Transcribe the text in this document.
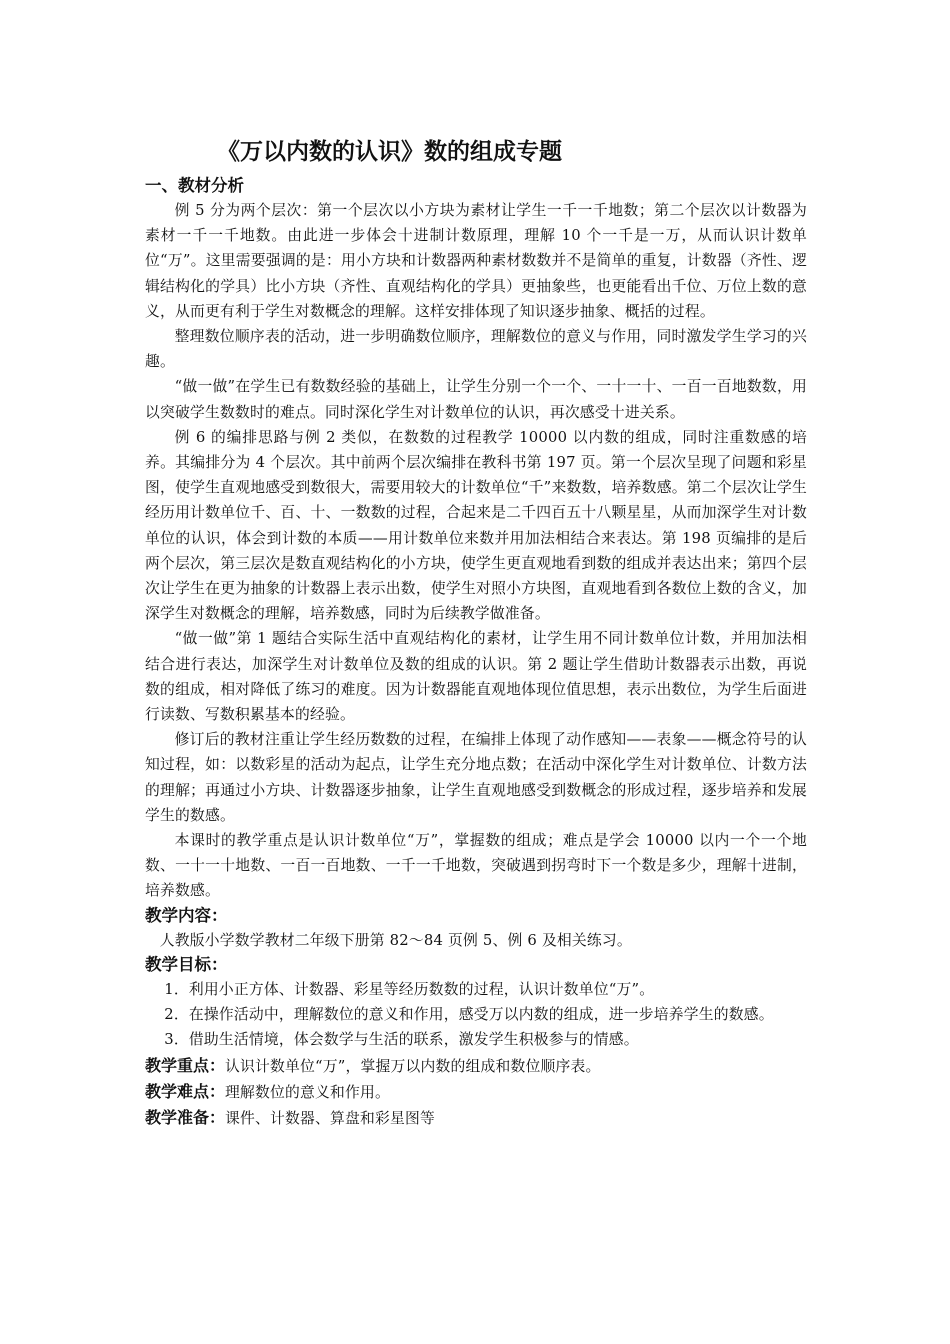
《万以内数的认识》数的组成专题
一、教材分析

例 5 分为两个层次：第一个层次以小方块为素材让学生一千一千地数；第二个层次以计数器为素材一千一千地数。由此进一步体会十进制计数原理，理解 10 个一千是一万，从而认识计数单位“万”。这里需要强调的是：用小方块和计数器两种素材数数并不是简单的重复，计数器（齐性、逻辑结构化的学具）比小方块（齐性、直观结构化的学具）更抽象些，也更能看出千位、万位上数的意义，从而更有利于学生对数概念的理解。这样安排体现了知识逐步抽象、概括的过程。

整理数位顺序表的活动，进一步明确数位顺序，理解数位的意义与作用，同时激发学生学习的兴趣。

“做一做”在学生已有数数经验的基础上，让学生分别一个一个、一十一十、一百一百地数数，用以突破学生数数时的难点。同时深化学生对计数单位的认识，再次感受十进关系。

例 6 的编排思路与例 2 类似，在数数的过程教学 10000 以内数的组成，同时注重数感的培养。其编排分为 4 个层次。其中前两个层次编排在教科书第 197 页。第一个层次呈现了问题和彩星图，使学生直观地感受到数很大，需要用较大的计数单位“千”来数数，培养数感。第二个层次让学生经历用计数单位千、百、十、一数数的过程，合起来是二千四百五十八颗星星，从而加深学生对计数单位的认识，体会到计数的本质——用计数单位来数并用加法相结合来表达。第 198 页编排的是后两个层次，第三层次是数直观结构化的小方块，使学生更直观地看到数的组成并表达出来；第四个层次让学生在更为抽象的计数器上表示出数，使学生对照小方块图，直观地看到各数位上数的含义，加深学生对数概念的理解，培养数感，同时为后续教学做准备。

“做一做”第 1 题结合实际生活中直观结构化的素材，让学生用不同计数单位计数，并用加法相结合进行表达，加深学生对计数单位及数的组成的认识。第 2 题让学生借助计数器表示出数，再说数的组成，相对降低了练习的难度。因为计数器能直观地体现位值思想，表示出数位，为学生后面进行读数、写数积累基本的经验。

修订后的教材注重让学生经历数数的过程，在编排上体现了动作感知——表象——概念符号的认知过程，如：以数彩星的活动为起点，让学生充分地点数；在活动中深化学生对计数单位、计数方法的理解；再通过小方块、计数器逐步抽象，让学生直观地感受到数概念的形成过程，逐步培养和发展学生的数感。

本课时的教学重点是认识计数单位“万”，掌握数的组成；难点是学会 10000 以内一个一个地数、一十一十地数、一百一百地数、一千一千地数，突破遇到拐弯时下一个数是多少，理解十进制，培养数感。

教学内容：

人教版小学数学教材二年级下册第 82～84 页例 5、例 6 及相关练习。

教学目标：

1．利用小正方体、计数器、彩星等经历数数的过程，认识计数单位“万”。

2．在操作活动中，理解数位的意义和作用，感受万以内数的组成，进一步培养学生的数感。

3．借助生活情境，体会数学与生活的联系，激发学生积极参与的情感。

教学重点：认识计数单位“万”，掌握万以内数的组成和数位顺序表。

教学难点：理解数位的意义和作用。

教学准备：课件、计数器、算盘和彩星图等
